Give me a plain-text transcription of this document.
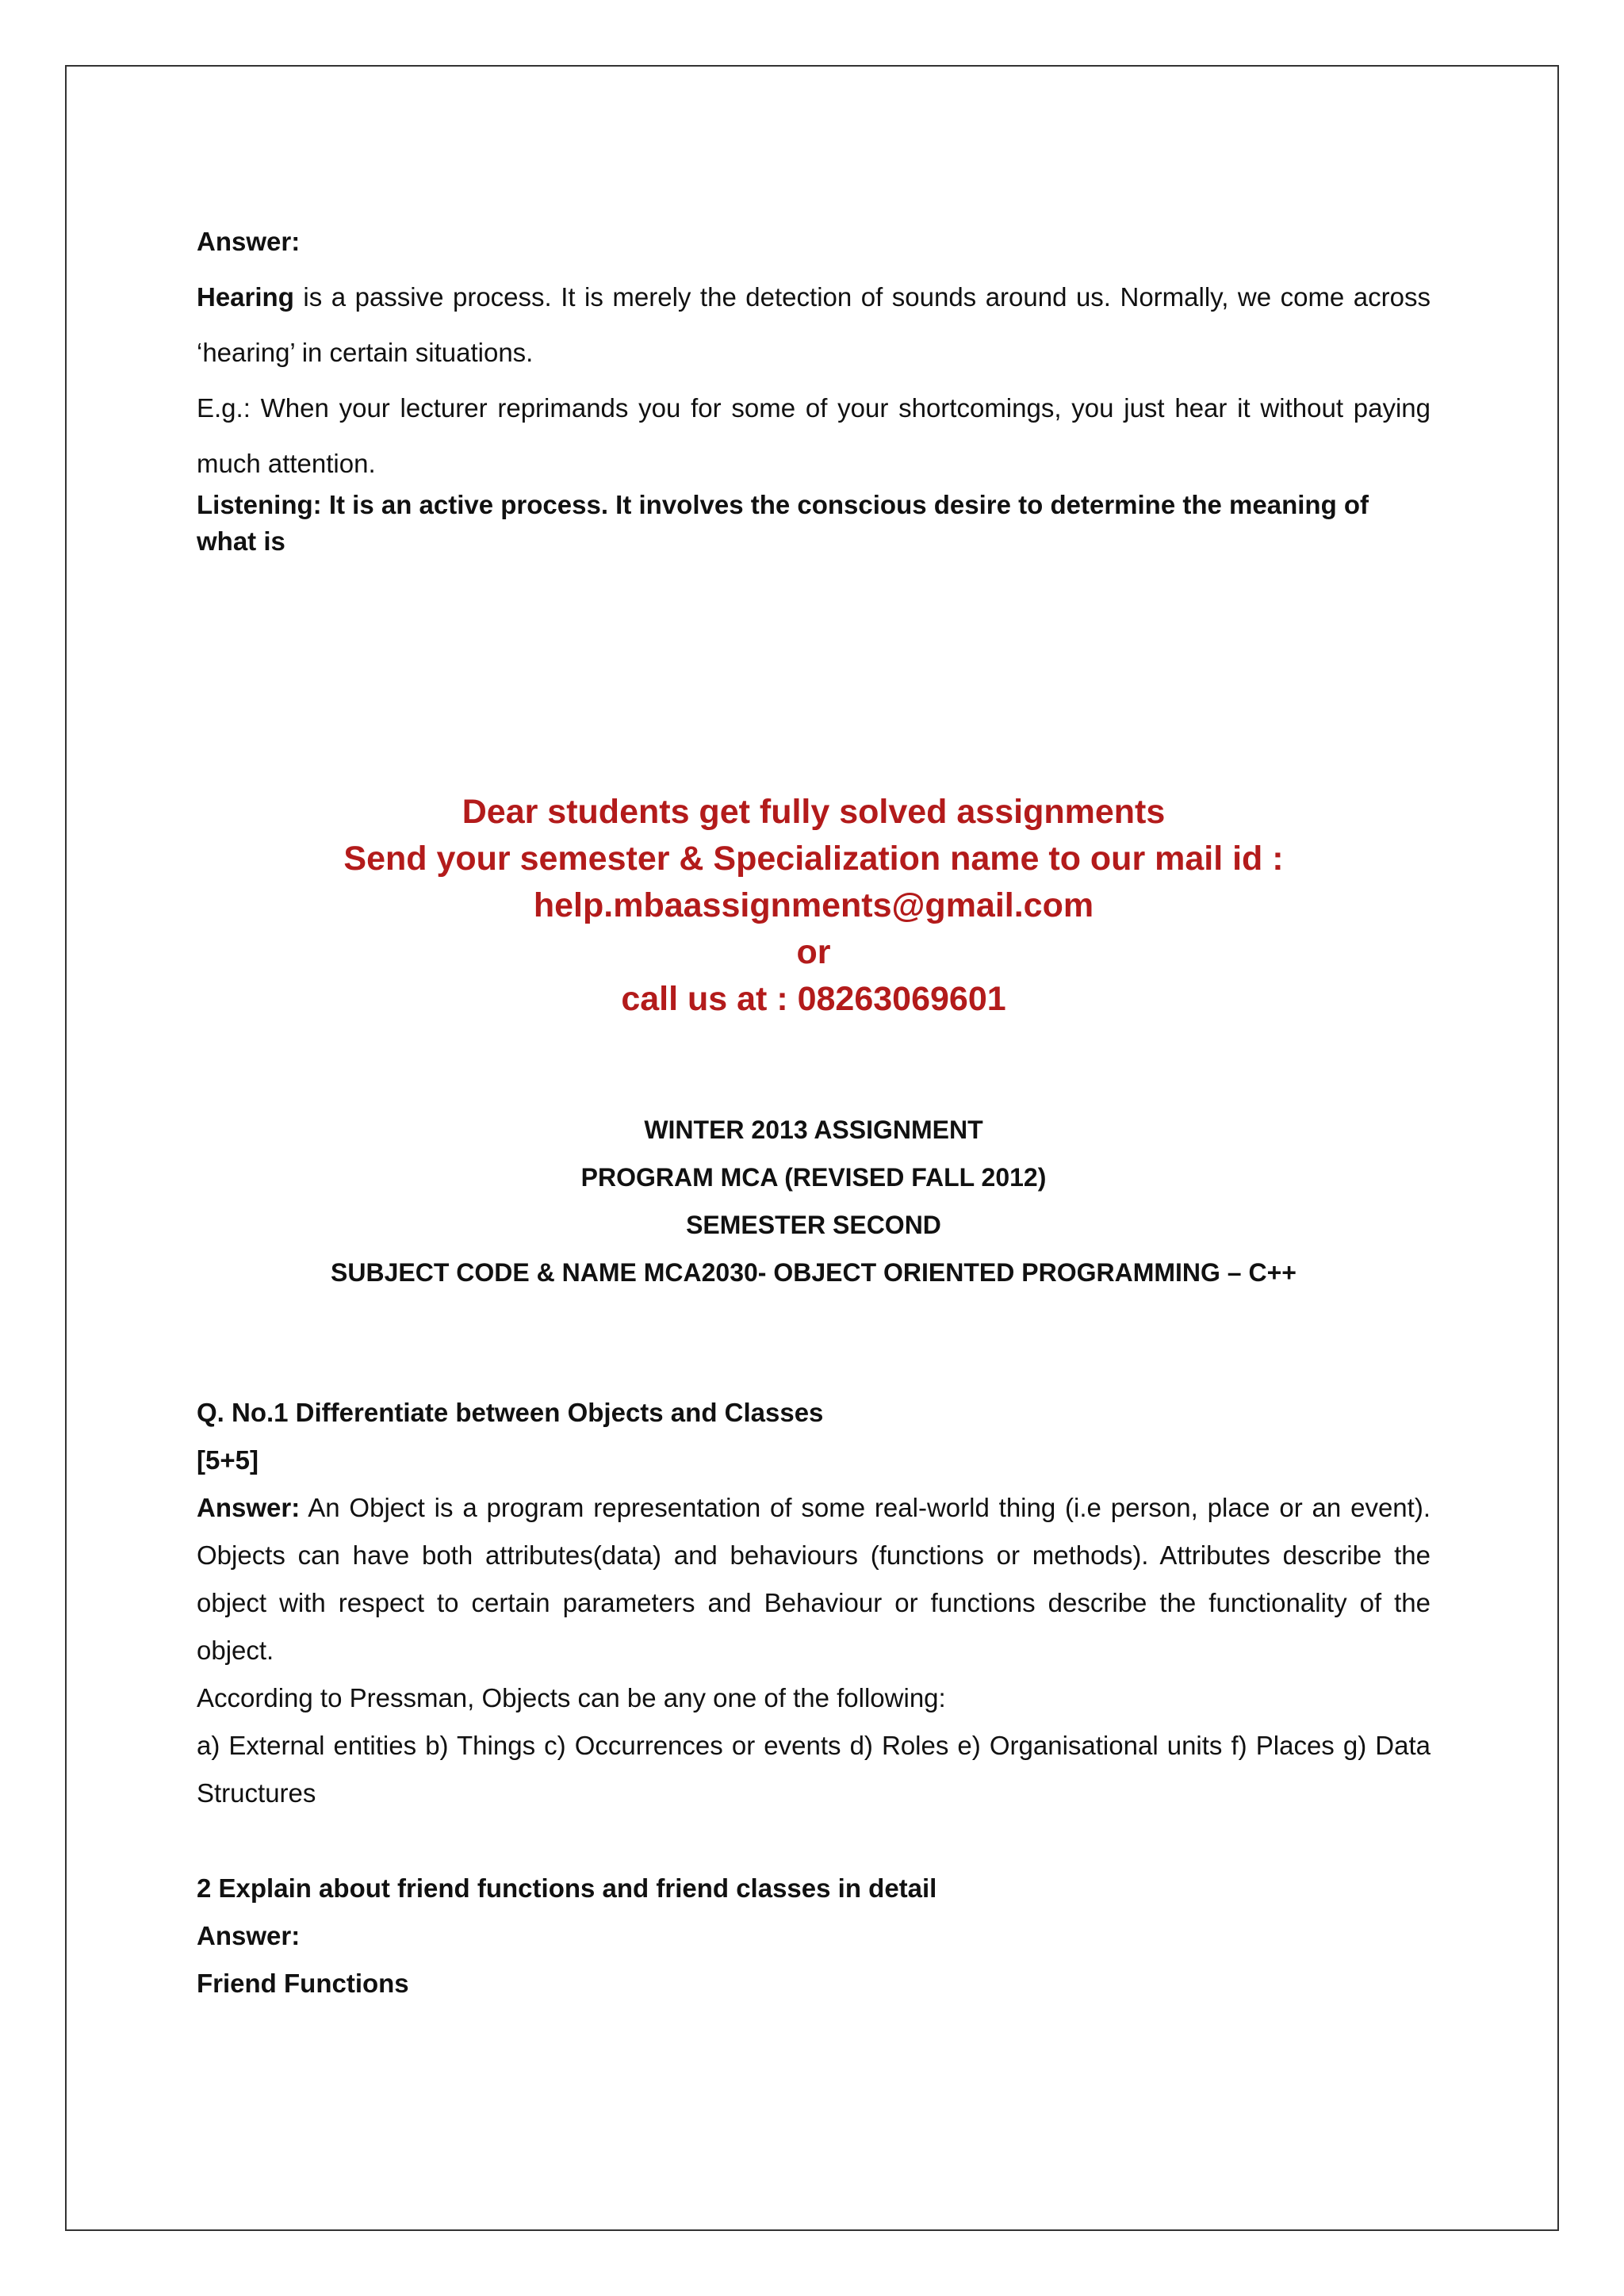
Answer:
Hearing is a passive process. It is merely the detection of sounds around us. Normally, we come across ‘hearing’ in certain situations.
E.g.: When your lecturer reprimands you for some of your shortcomings, you just hear it without paying much attention.
Listening: It is an active process. It involves the conscious desire to determine the meaning of what is
Dear students get fully solved assignments
Send your semester & Specialization name to our mail id :
help.mbaassignments@gmail.com
or
call us at : 08263069601
WINTER 2013 ASSIGNMENT
PROGRAM MCA (REVISED FALL 2012)
SEMESTER SECOND
SUBJECT CODE & NAME MCA2030- OBJECT ORIENTED PROGRAMMING – C++
Q. No.1 Differentiate between Objects and Classes
[5+5]
Answer: An Object is a program representation of some real-world thing (i.e person, place or an event). Objects can have both attributes(data) and behaviours (functions or methods). Attributes describe the object with respect to certain parameters and Behaviour or functions describe the functionality of the object.
According to Pressman, Objects can be any one of the following:
a) External entities b) Things c) Occurrences or events d) Roles e) Organisational units f) Places g) Data Structures
2 Explain about friend functions and friend classes in detail
Answer:
Friend Functions
